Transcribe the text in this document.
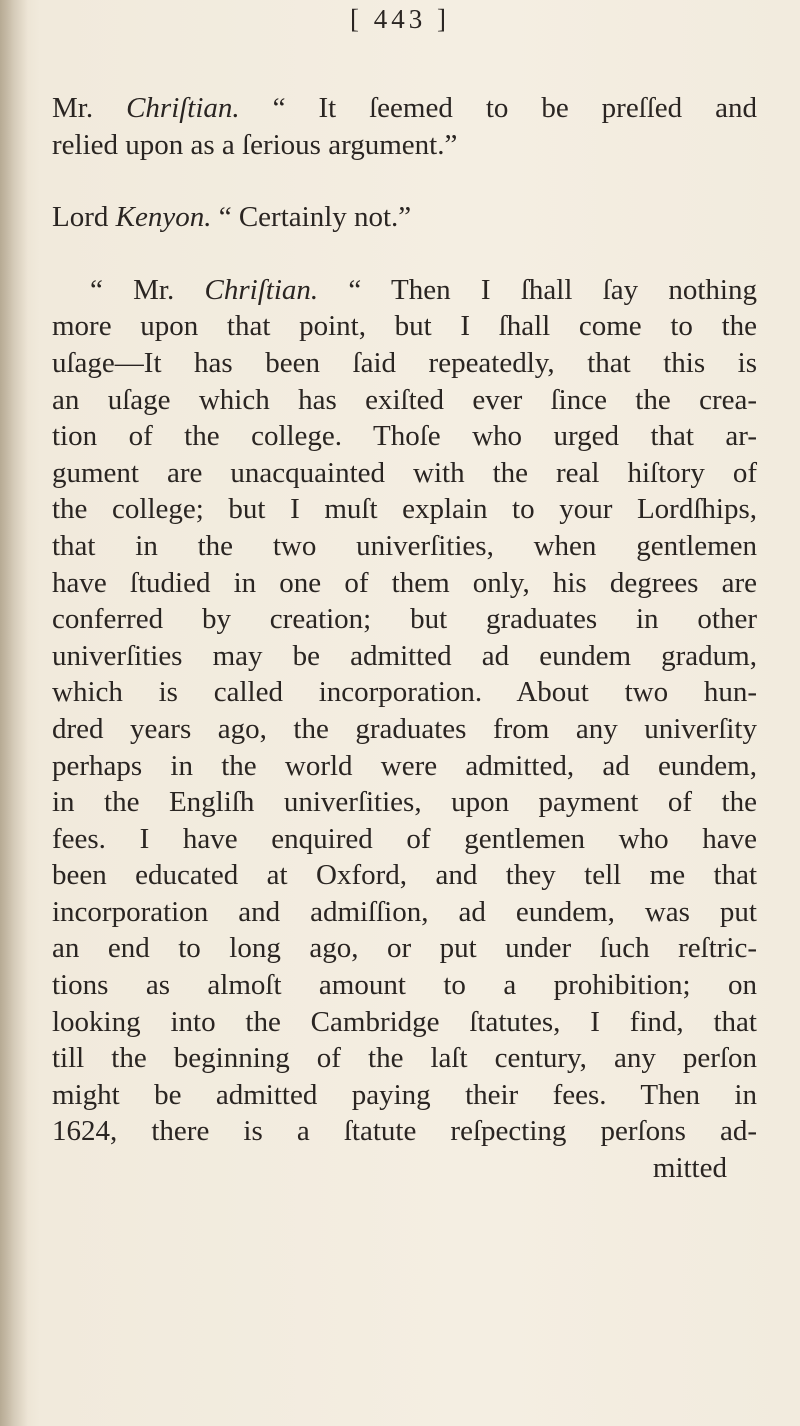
[ 443 ]
Mr. Chriſtian. “ It ſeemed to be preſſed and
relied upon as a ſerious argument.”
Lord Kenyon. “ Certainly not.”
“ Mr. Chriſtian. “ Then I ſhall ſay nothing
more upon that point, but I ſhall come to the
uſage—It has been ſaid repeatedly, that this is
an uſage which has exiſted ever ſince the crea-
tion of the college. Thoſe who urged that ar-
gument are unacquainted with the real hiſtory of
the college; but I muſt explain to your Lordſhips,
that in the two univerſities, when gentlemen
have ſtudied in one of them only, his degrees are
conferred by creation; but graduates in other
univerſities may be admitted ad eundem gradum,
which is called incorporation. About two hun-
dred years ago, the graduates from any univerſity
perhaps in the world were admitted, ad eundem,
in the Engliſh univerſities, upon payment of the
fees. I have enquired of gentlemen who have
been educated at Oxford, and they tell me that
incorporation and admiſſion, ad eundem, was put
an end to long ago, or put under ſuch reſtric-
tions as almoſt amount to a prohibition; on
looking into the Cambridge ſtatutes, I find, that
till the beginning of the laſt century, any perſon
might be admitted paying their fees. Then in
1624, there is a ſtatute reſpecting perſons ad-
mitted
